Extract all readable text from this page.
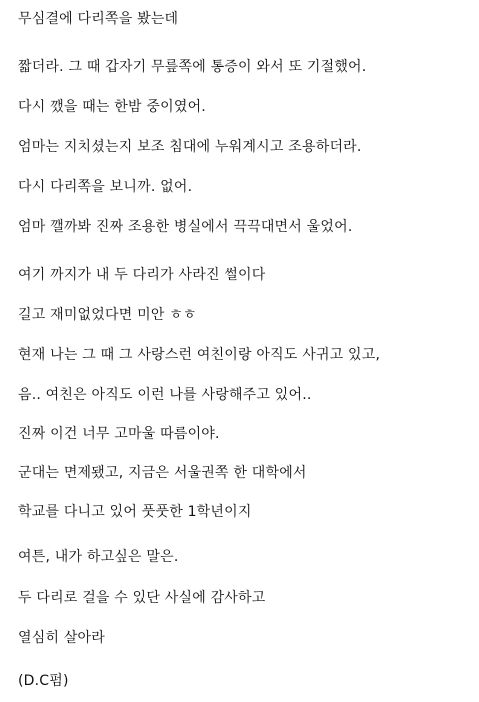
무심결에 다리쪽을 봤는데
짧더라. 그 때 갑자기 무릎쪽에 통증이 와서 또 기절했어.
다시 깼을 때는 한밤 중이였어.
엄마는 지치셨는지 보조 침대에 누워계시고 조용하더라.
다시 다리쪽을 보니까. 없어.
엄마 깰까봐 진짜 조용한 병실에서 끅끅대면서 울었어.
여기 까지가 내 두 다리가 사라진 썰이다
길고 재미없었다면 미안 ㅎㅎ
현재 나는 그 때 그 사랑스런 여친이랑 아직도 사귀고 있고,
음.. 여친은 아직도 이런 나를 사랑해주고 있어..
진짜 이건 너무 고마울 따름이야.
군대는 면제됐고, 지금은 서울권쪽 한 대학에서
학교를 다니고 있어 풋풋한 1학년이지
여튼, 내가 하고싶은 말은.
두 다리로 걸을 수 있단 사실에 감사하고
열심히 살아라
(D.C펌)
